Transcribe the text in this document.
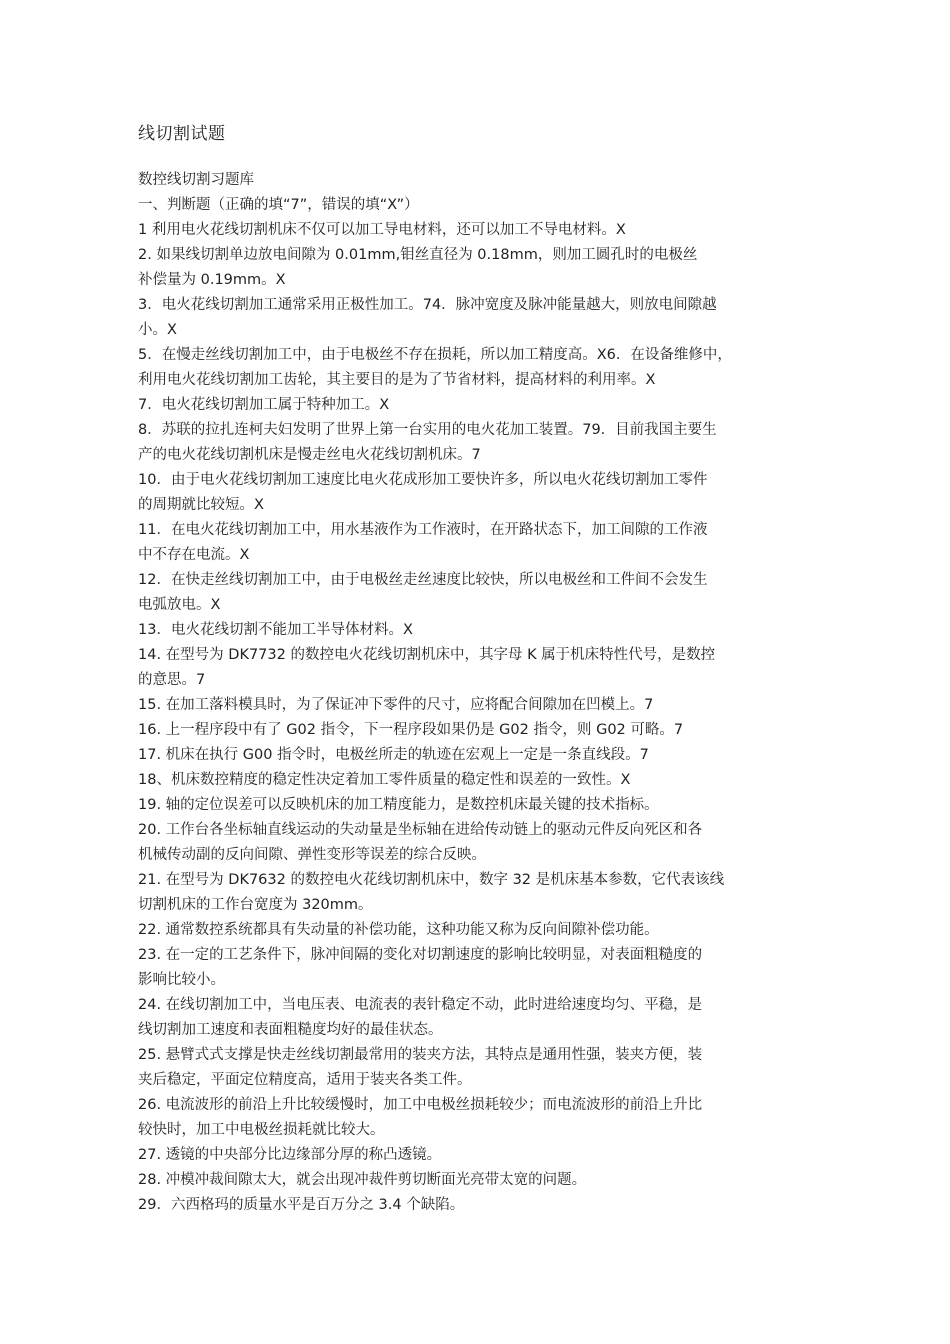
线切割试题

数控线切割习题库

一、判断题（正确的填“7”，错误的填“X”）

1 利用电火花线切割机床不仅可以加工导电材料，还可以加工不导电材料。X

2. 如果线切割单边放电间隙为 0.01mm,钼丝直径为 0.18mm，则加工圆孔时的电极丝

补偿量为 0.19mm。X

3．电火花线切割加工通常采用正极性加工。74．脉冲宽度及脉冲能量越大，则放电间隙越

小。X

5．在慢走丝线切割加工中，由于电极丝不存在损耗，所以加工精度高。X6．在设备维修中，

利用电火花线切割加工齿轮，其主要目的是为了节省材料，提高材料的利用率。X

7．电火花线切割加工属于特种加工。X

8．苏联的拉扎连柯夫妇发明了世界上第一台实用的电火花加工装置。79．目前我国主要生

产的电火花线切割机床是慢走丝电火花线切割机床。7

10．由于电火花线切割加工速度比电火花成形加工要快许多，所以电火花线切割加工零件

的周期就比较短。X

11．在电火花线切割加工中，用水基液作为工作液时，在开路状态下，加工间隙的工作液

中不存在电流。X

12．在快走丝线切割加工中，由于电极丝走丝速度比较快，所以电极丝和工件间不会发生

电弧放电。X

13．电火花线切割不能加工半导体材料。X

14. 在型号为 DK7732 的数控电火花线切割机床中，其字母 K 属于机床特性代号，是数控

的意思。7

15. 在加工落料模具时，为了保证冲下零件的尺寸，应将配合间隙加在凹模上。7

16. 上一程序段中有了 G02 指令，下一程序段如果仍是 G02 指令，则 G02 可略。7

17. 机床在执行 G00 指令时，电极丝所走的轨迹在宏观上一定是一条直线段。7

18、机床数控精度的稳定性决定着加工零件质量的稳定性和误差的一致性。X

19. 轴的定位误差可以反映机床的加工精度能力，是数控机床最关键的技术指标。

20. 工作台各坐标轴直线运动的失动量是坐标轴在进给传动链上的驱动元件反向死区和各

机械传动副的反向间隙、弹性变形等误差的综合反映。

21. 在型号为 DK7632 的数控电火花线切割机床中，数字 32 是机床基本参数，它代表该线

切割机床的工作台宽度为 320mm。

22. 通常数控系统都具有失动量的补偿功能，这种功能又称为反向间隙补偿功能。

23. 在一定的工艺条件下，脉冲间隔的变化对切割速度的影响比较明显，对表面粗糙度的

影响比较小。

24. 在线切割加工中，当电压表、电流表的表针稳定不动，此时进给速度均匀、平稳，是

线切割加工速度和表面粗糙度均好的最佳状态。

25. 悬臂式式支撑是快走丝线切割最常用的装夹方法，其特点是通用性强，装夹方便，装

夹后稳定，平面定位精度高，适用于装夹各类工件。

26. 电流波形的前沿上升比较缓慢时，加工中电极丝损耗较少；而电流波形的前沿上升比

较快时，加工中电极丝损耗就比较大。

27. 透镜的中央部分比边缘部分厚的称凸透镜。

28. 冲模冲裁间隙太大，就会出现冲裁件剪切断面光亮带太宽的问题。

29．六西格玛的质量水平是百万分之 3.4 个缺陷。
